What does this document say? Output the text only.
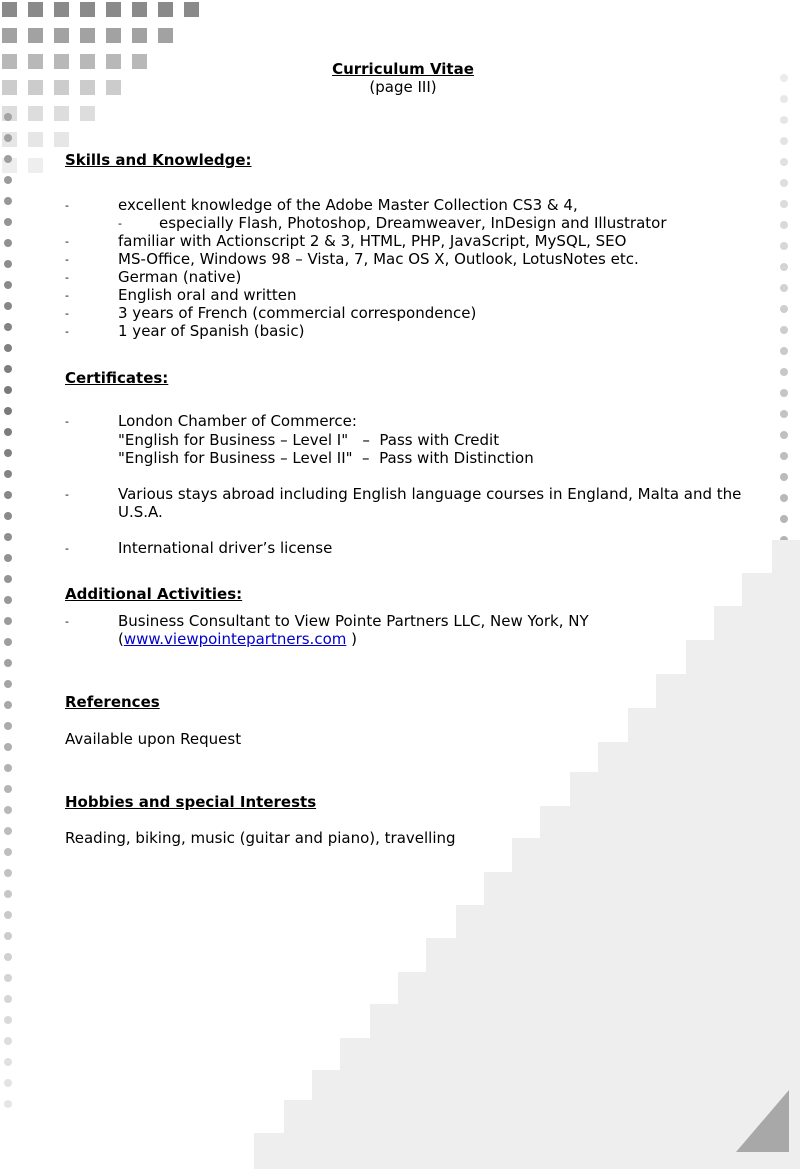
Curriculum Vitae
(page III)
Skills and Knowledge:
-	excellent knowledge of the Adobe Master Collection CS3 & 4,
- especially Flash, Photoshop, Dreamweaver, InDesign and Illustrator
-	familiar with Actionscript 2 & 3, HTML, PHP, JavaScript, MySQL, SEO
-	MS-Office, Windows 98 – Vista, 7, Mac OS X, Outlook, LotusNotes etc.
-	German (native)
-	English oral and written
-	3 years of French (commercial correspondence)
-	1 year of Spanish (basic)
Certificates:
-	London Chamber of Commerce:
"English for Business – Level I"   –  Pass with Credit
"English for Business – Level II"  –  Pass with Distinction
-	Various stays abroad including English language courses in England, Malta and the
U.S.A.
-	International driver’s license
Additional Activities:
-	Business Consultant to View Pointe Partners LLC, New York, NY
(www.viewpointepartners.com )
References
Available upon Request
Hobbies and special Interests
Reading, biking, music (guitar and piano), travelling
